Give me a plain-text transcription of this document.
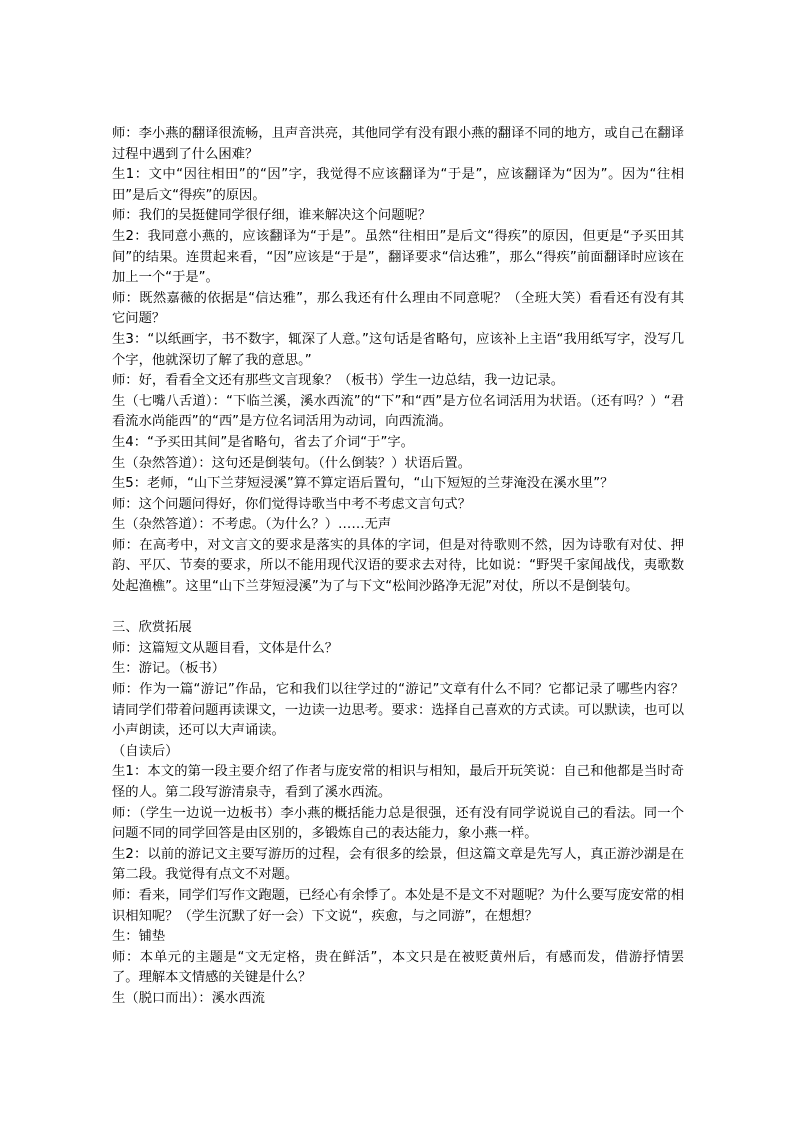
师：李小燕的翻译很流畅，且声音洪亮，其他同学有没有跟小燕的翻译不同的地方，或自己在翻译过程中遇到了什么困难？

生1：文中“因往相田”的“因”字，我觉得不应该翻译为“于是”，应该翻译为“因为”。因为“往相田”是后文“得疾”的原因。

师：我们的吴挺健同学很仔细，谁来解决这个问题呢？

生2：我同意小燕的，应该翻译为“于是”。虽然“往相田”是后文“得疾”的原因，但更是“予买田其间”的结果。连贯起来看，“因”应该是“于是”，翻译要求“信达雅”，那么“得疾”前面翻译时应该在加上一个“于是”。

师：既然嘉薇的依据是“信达雅”，那么我还有什么理由不同意呢？（全班大笑）看看还有没有其它问题？

生3：“以纸画字，书不数字，辄深了人意。”这句话是省略句，应该补上主语“我用纸写字，没写几个字，他就深切了解了我的意思。”

师：好，看看全文还有那些文言现象？（板书）学生一边总结，我一边记录。

生（七嘴八舌道）：“下临兰溪，溪水西流”的“下”和“西”是方位名词活用为状语。（还有吗？）“君看流水尚能西”的“西”是方位名词活用为动词，向西流淌。

生4：“予买田其间”是省略句，省去了介词“于”字。

生（杂然答道）：这句还是倒装句。（什么倒装？）状语后置。

生5：老师，“山下兰芽短浸溪”算不算定语后置句，“山下短短的兰芽淹没在溪水里”？

师：这个问题问得好，你们觉得诗歌当中考不考虑文言句式？

生（杂然答道）：不考虑。（为什么？）……无声

师：在高考中，对文言文的要求是落实的具体的字词，但是对待歌则不然，因为诗歌有对仗、押韵、平仄、节奏的要求，所以不能用现代汉语的要求去对待，比如说：“野哭千家闻战伐，夷歌数处起渔樵”。这里“山下兰芽短浸溪”为了与下文“松间沙路净无泥”对仗，所以不是倒装句。

三、欣赏拓展

师：这篇短文从题目看，文体是什么？

生：游记。（板书）

师：作为一篇“游记”作品，它和我们以往学过的“游记”文章有什么不同？它都记录了哪些内容？请同学们带着问题再读课文，一边读一边思考。要求：选择自己喜欢的方式读。可以默读，也可以小声朗读，还可以大声诵读。

（自读后）

生1：本文的第一段主要介绍了作者与庞安常的相识与相知，最后开玩笑说：自己和他都是当时奇怪的人。第二段写游清泉寺，看到了溪水西流。

师：（学生一边说一边板书）李小燕的概括能力总是很强，还有没有同学说说自己的看法。同一个问题不同的同学回答是由区别的，多锻炼自己的表达能力，象小燕一样。

生2：以前的游记文主要写游历的过程，会有很多的绘景，但这篇文章是先写人，真正游沙湖是在第二段。我觉得有点文不对题。

师：看来，同学们写作文跑题，已经心有余悸了。本处是不是文不对题呢？为什么要写庞安常的相识相知呢？（学生沉默了好一会）下文说“，疾愈，与之同游”，在想想？

生：铺垫

师：本单元的主题是“文无定格，贵在鲜活”，本文只是在被贬黄州后，有感而发，借游抒情罢了。理解本文情感的关键是什么？

生（脱口而出）：溪水西流
